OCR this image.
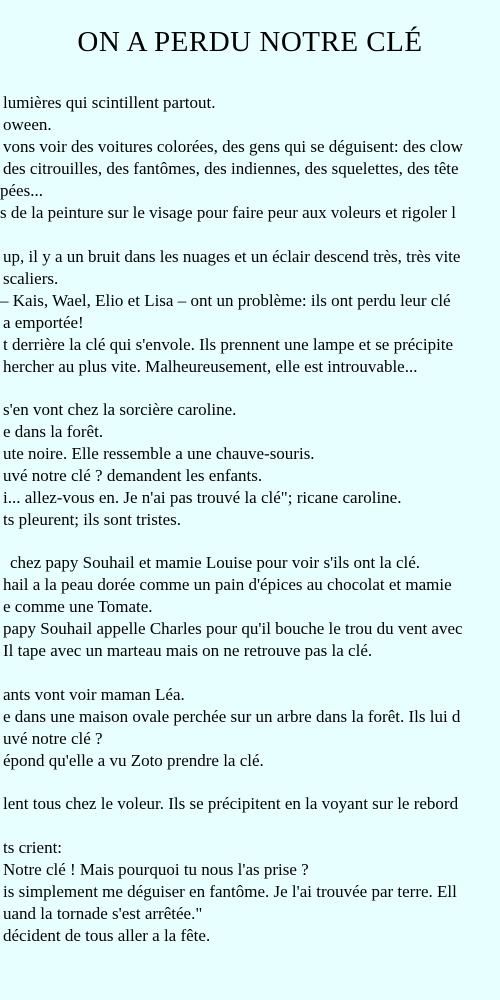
ON A PERDU NOTRE CLÉ
lumières qui scintillent partout.
oween.
vons voir des voitures colorées, des gens qui se déguisent: des clow
des citrouilles, des fantômes, des indiennes, des squelettes, des tête
pées...
s de la peinture sur le visage pour faire peur aux voleurs et rigoler l
up, il y a un bruit dans les nuages et un éclair descend très, très vite
scaliers.
– Kais, Wael, Elio et Lisa – ont un problème: ils ont perdu leur clé
a emportée!
t derrière la clé qui s'envole. Ils prennent une lampe et se précipite
hercher au plus vite. Malheureusement, elle est introuvable...
s'en vont chez la sorcière caroline.
e dans la forêt.
ute noire. Elle ressemble a une chauve-souris.
uvé notre clé ? demandent les enfants.
i... allez-vous en. Je n'ai pas trouvé la clé"; ricane caroline.
ts pleurent; ils sont tristes.
chez papy Souhail et mamie Louise pour voir s'ils ont la clé.
hail a la peau dorée comme un pain d'épices au chocolat et mamie
e comme une Tomate.
papy Souhail appelle Charles pour qu'il bouche le trou du vent avec
Il tape avec un marteau mais on ne retrouve pas la clé.
ants vont voir maman Léa.
e dans une maison ovale perchée sur un arbre dans la forêt. Ils lui d
uvé notre clé ?
épond qu'elle a vu Zoto prendre la clé.
lent tous chez le voleur. Ils se précipitent en la voyant sur le rebord
ts crient:
Notre clé ! Mais pourquoi tu nous l'as prise ?
is simplement me déguiser en fantôme. Je l'ai trouvée par terre. Ell
uand la tornade s'est arrêtée."
décident de tous aller a la fête.
